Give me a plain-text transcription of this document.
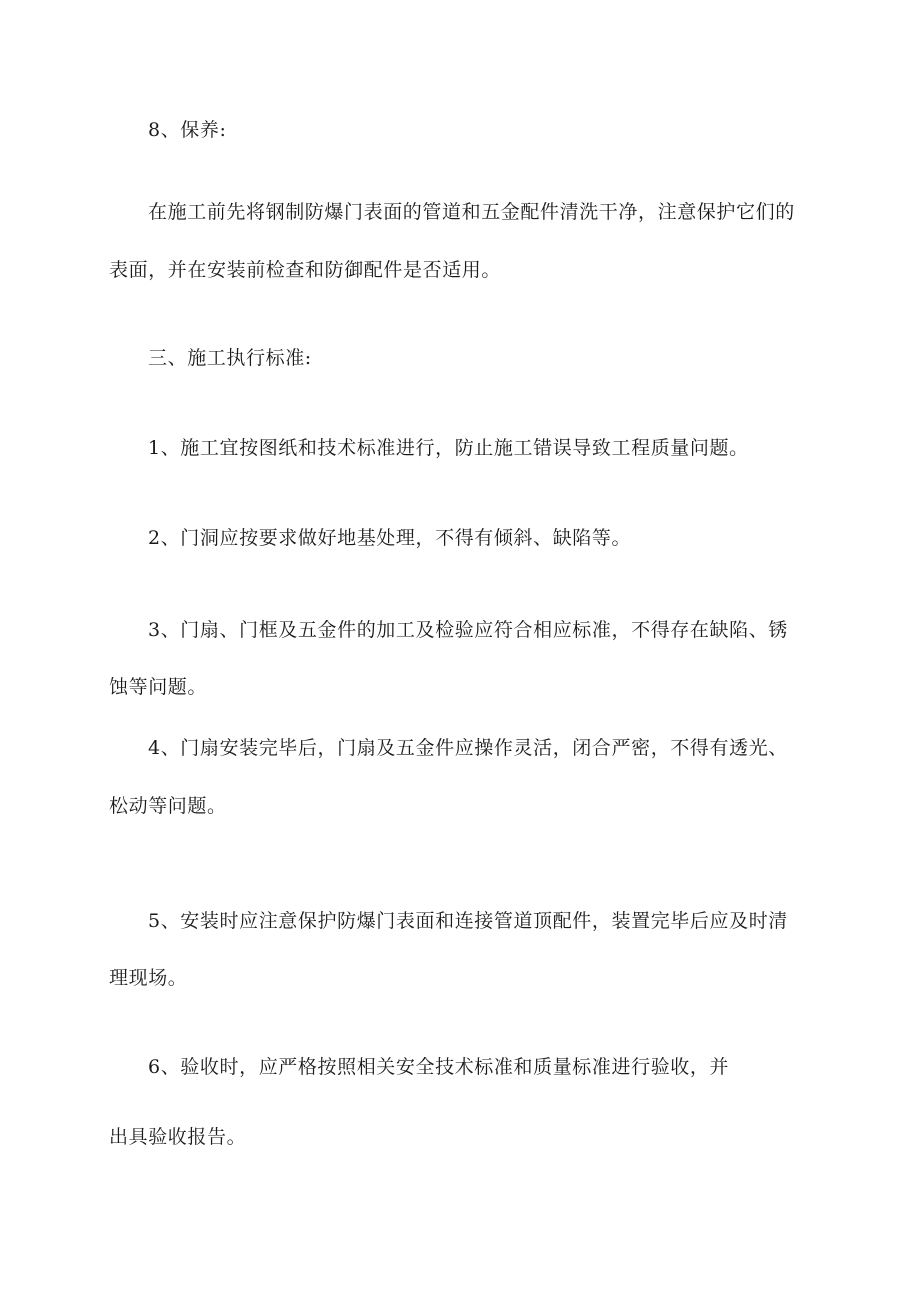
8、保养:
在施工前先将钢制防爆门表面的管道和五金配件清洗干净，注意保护它们的
表面，并在安装前检查和防御配件是否适用。
三、施工执行标准:
1、施工宜按图纸和技术标准进行，防止施工错误导致工程质量问题。
2、门洞应按要求做好地基处理，不得有倾斜、缺陷等。
3、门扇、门框及五金件的加工及检验应符合相应标准，不得存在缺陷、锈
蚀等问题。
4、门扇安装完毕后，门扇及五金件应操作灵活，闭合严密，不得有透光、
松动等问题。
5、安装时应注意保护防爆门表面和连接管道顶配件，装置完毕后应及时清
理现场。
6、验收时，应严格按照相关安全技术标准和质量标准进行验收，并
出具验收报告。
